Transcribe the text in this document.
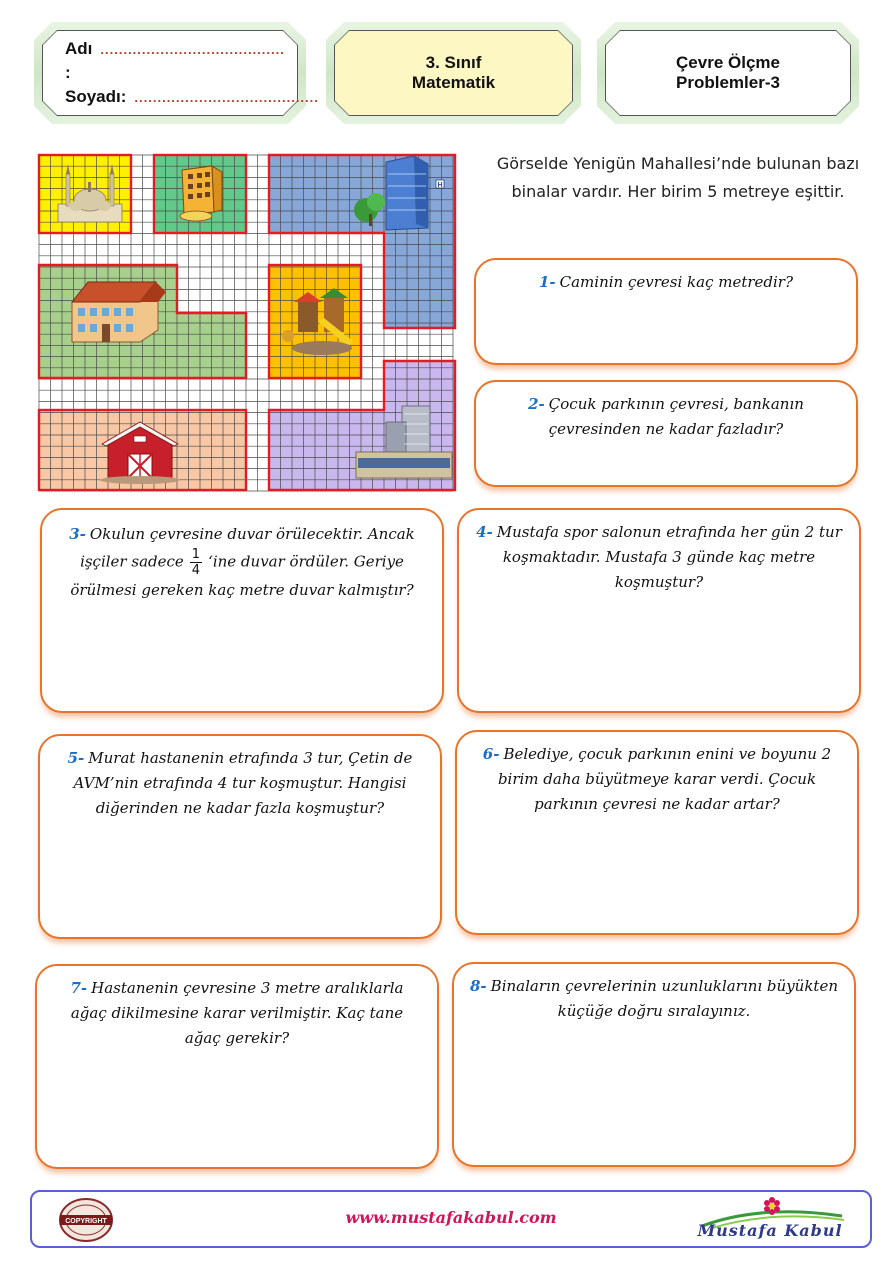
Adı :
........................................
Soyadı: ........................................
3. Sınıf
Matematik
Çevre Ölçme
Problemler-3
H
Görselde Yenigün Mahallesi’nde bulunan bazı binalar vardır. Her birim 5 metreye eşittir.
1- Caminin çevresi kaç metredir?
2- Çocuk parkının çevresi, bankanın çevresinden ne kadar fazladır?
3- Okulun çevresine duvar örülecektir. Ancak işçiler sadece $\frac{1}{4}$ ‘ine duvar ördüler. Geriye örülmesi gereken kaç metre duvar kalmıştır?
4- Mustafa spor salonun etrafında her gün 2 tur koşmaktadır. Mustafa 3 günde kaç metre koşmuştur?
5- Murat hastanenin etrafında 3 tur, Çetin de AVM’nin etrafında 4 tur koşmuştur. Hangisi diğerinden ne kadar fazla koşmuştur?
6- Belediye, çocuk parkının enini ve boyunu 2 birim daha büyütmeye karar verdi. Çocuk parkının çevresi ne kadar artar?
7- Hastanenin çevresine 3 metre aralıklarla ağaç dikilmesine karar verilmiştir. Kaç tane ağaç gerekir?
8- Binaların çevrelerinin uzunluklarını büyükten küçüğe doğru sıralayınız.
COPYRIGHT	www.mustafakabul.com
Mustafa Kabul
